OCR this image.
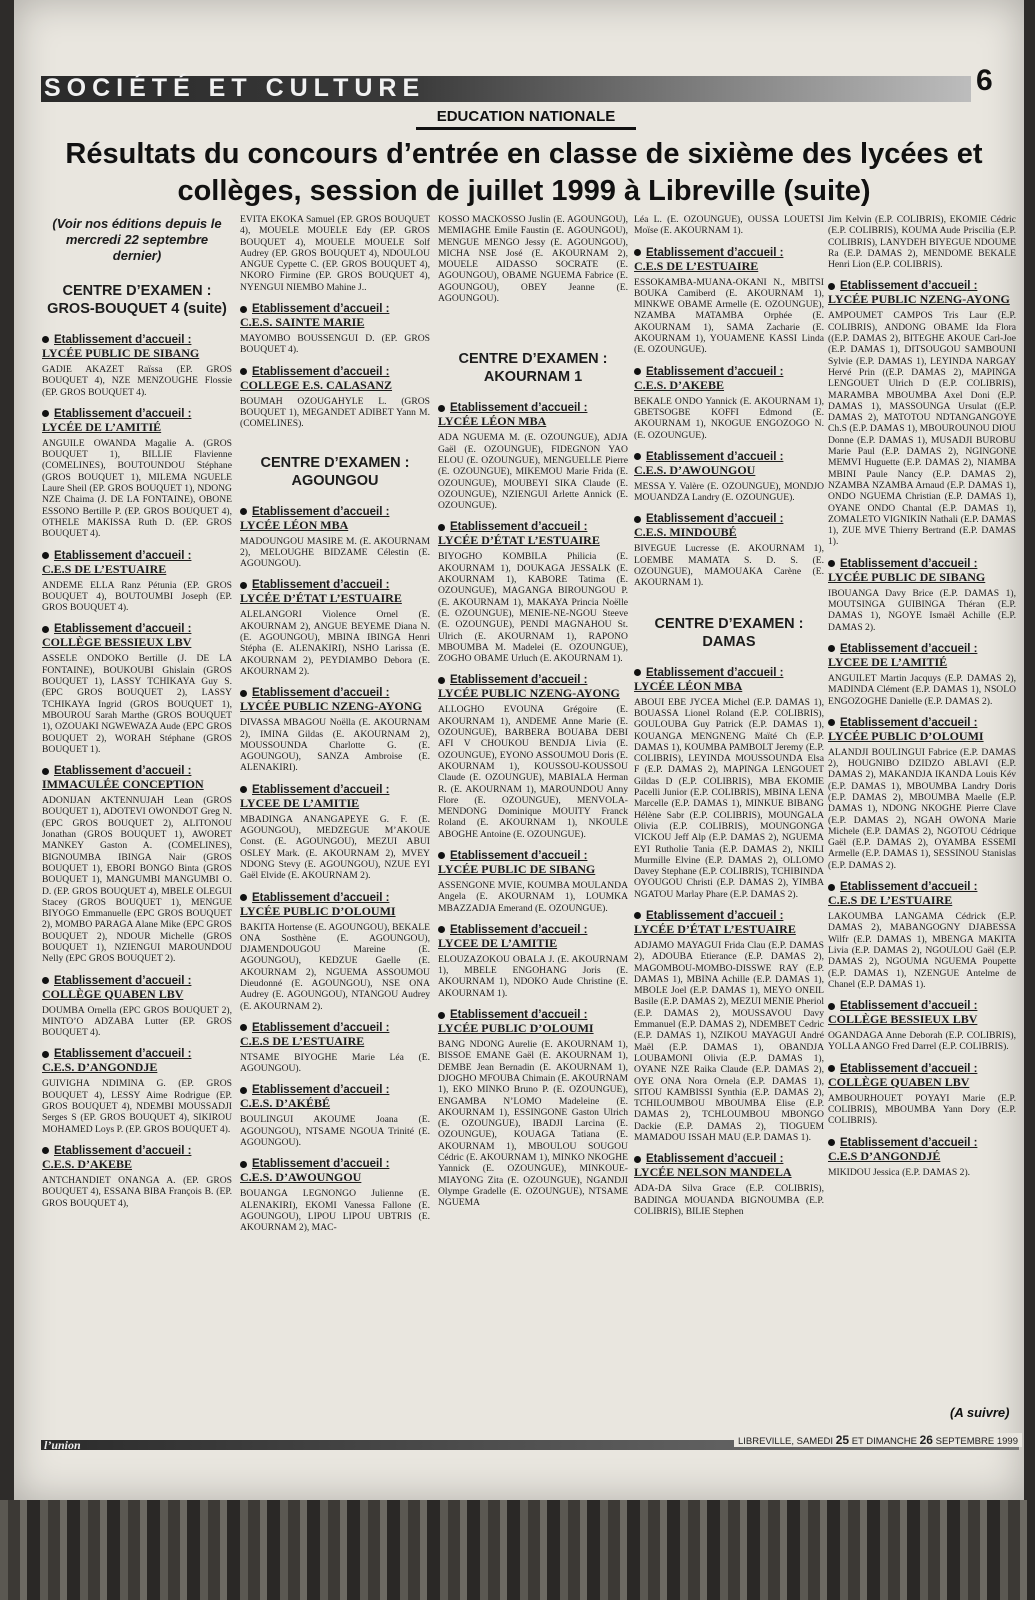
SOCIÉTÉ ET CULTURE	6
EDUCATION NATIONALE
Résultats du concours d’entrée en classe de sixième des lycées et collèges, session de juillet 1999 à Libreville (suite)
(Voir nos éditions depuis le mercredi 22 septembre dernier)
CENTRE D’EXAMEN : GROS-BOUQUET 4 (suite)
Etablissement d’accueil :
LYCÉE PUBLIC DE SIBANG
GADIE AKAZET Raïssa (EP. GROS BOUQUET 4), NZE MENZOUGHE Flossie (EP. GROS BOUQUET 4).
Etablissement d’accueil :
LYCÉE DE L’AMITIÉ
ANGUILE OWANDA Magalie A. (GROS BOUQUET 1), BILLIE Flavienne (COMELINES), BOUTOUNDOU Stéphane (GROS BOUQUET 1), MILEMA NGUELE Laure Sheil (EP. GROS BOUQUET 1), NDONG NZE Chaima (J. DE LA FONTAINE), OBONE ESSONO Bertille P. (EP. GROS BOUQUET 4), OTHELE MAKISSA Ruth D. (EP. GROS BOUQUET 4).
Etablissement d’accueil :
C.E.S DE L’ESTUAIRE
ANDEME ELLA Ranz Pétunia (EP. GROS BOUQUET 4), BOUTOUMBI Joseph (EP. GROS BOUQUET 4).
Etablissement d’accueil :
COLLÈGE BESSIEUX LBV
ASSELE ONDOKO Bertille (J. DE LA FONTAINE), BOUKOUBI Ghislain (GROS BOUQUET 1), LASSY TCHIKAYA Guy S. (EPC GROS BOUQUET 2), LASSY TCHIKAYA Ingrid (GROS BOUQUET 1), MBOUROU Sarah Marthe (GROS BOUQUET 1), OZOUAKI NGWEWAZA Aude (EPC GROS BOUQUET 2), WORAH Stéphane (GROS BOUQUET 1).
Etablissement d’accueil :
IMMACULÉE CONCEPTION
ADONIJAN AKTENNUJAH Lean (GROS BOUQUET 1), ADOTEVI OWONDOT Greg N. (EPC GROS BOUQUET 2), ALITONOU Jonathan (GROS BOUQUET 1), AWORET MANKEY Gaston A. (COMELINES), BIGNOUMBA IBINGA Nair (GROS BOUQUET 1), EBORI BONGO Binta (GROS BOUQUET 1), MANGUMBI MANGUMBI O. D. (EP. GROS BOUQUET 4), MBELE OLEGUI Stacey (GROS BOUQUET 1), MENGUE BIYOGO Emmanuelle (EPC GROS BOUQUET 2), MOMBO PARAGA Alane Mike (EPC GROS BOUQUET 2), NDOUR Michelle (GROS BOUQUET 1), NZIENGUI MAROUNDOU Nelly (EPC GROS BOUQUET 2).
Etablissement d’accueil :
COLLÈGE QUABEN LBV
DOUMBA Ornella (EPC GROS BOUQUET 2), MINTO’O ADZABA Lutter (EP. GROS BOUQUET 4).
Etablissement d’accueil :
C.E.S. D’ANGONDJE
GUIVIGHA NDIMINA G. (EP. GROS BOUQUET 4), LESSY Aime Rodrigue (EP. GROS BOUQUET 4), NDEMBI MOUSSADJI Serges S (EP. GROS BOUQUET 4), SIKIROU MOHAMED Loys P. (EP. GROS BOUQUET 4).
Etablissement d’accueil :
C.E.S. D’AKEBE
ANTCHANDIET ONANGA A. (EP. GROS BOUQUET 4), ESSANA BIBA François B. (EP. GROS BOUQUET 4),
EVITA EKOKA Samuel (EP. GROS BOUQUET 4), MOUELE MOUELE Edy (EP. GROS BOUQUET 4), MOUELE MOUELE Solf Audrey (EP. GROS BOUQUET 4), NDOULOU ANGUE Cypette C. (EP. GROS BOUQUET 4), NKORO Firmine (EP. GROS BOUQUET 4), NYENGUI NIEMBO Mahine J..
Etablissement d’accueil :
C.E.S. SAINTE MARIE
MAYOMBO BOUSSENGUI D. (EP. GROS BOUQUET 4).
Etablissement d’accueil :
COLLEGE E.S. CALASANZ
BOUMAH OZOUGAHYLE L. (GROS BOUQUET 1), MEGANDET ADIBET Yann M. (COMELINES).
CENTRE D’EXAMEN : AGOUNGOU
Etablissement d’accueil :
LYCÉE LÉON MBA
MADOUNGOU MASIRE M. (E. AKOURNAM 2), MELOUGHE BIDZAME Célestin (E. AGOUNGOU).
Etablissement d’accueil :
LYCÉE D’ÉTAT L’ESTUAIRE
ALELANGORI Violence Ornel (E. AKOURNAM 2), ANGUE BEYEME Diana N. (E. AGOUNGOU), MBINA IBINGA Henri Stépha (E. ALENAKIRI), NSHO Larissa (E. AKOURNAM 2), PEYDIAMBO Debora (E. AKOURNAM 2).
Etablissement d’accueil :
LYCÉE PUBLIC NZENG-AYONG
DIVASSA MBAGOU Noëlla (E. AKOURNAM 2), IMINA Gildas (E. AKOURNAM 2), MOUSSOUNDA Charlotte G. (E. AGOUNGOU), SANZA Ambroise (E. ALENAKIRI).
Etablissement d’accueil :
LYCEE DE L’AMITIE
MBADINGA ANANGAPEYE G. F. (E. AGOUNGOU), MEDZEGUE M’AKOUE Const. (E. AGOUNGOU), MEZUI ABUI OSLEY Mark. (E. AKOURNAM 2), MVEY NDONG Stevy (E. AGOUNGOU), NZUE EYI Gaël Elvide (E. AKOURNAM 2).
Etablissement d’accueil :
LYCÉE PUBLIC D’OLOUMI
BAKITA Hortense (E. AGOUNGOU), BEKALE ONA Sosthène (E. AGOUNGOU), DJAMENDOUGOU Mareine (E. AGOUNGOU), KEDZUE Gaelle (E. AKOURNAM 2), NGUEMA ASSOUMOU Dieudonné (E. AGOUNGOU), NSE ONA Audrey (E. AGOUNGOU), NTANGOU Audrey (E. AKOURNAM 2).
Etablissement d’accueil :
C.E.S DE L’ESTUAIRE
NTSAME BIYOGHE Marie Léa (E. AGOUNGOU).
Etablissement d’accueil :
C.E.S. D’AKÉBÉ
BOULINGUI AKOUME Joana (E. AGOUNGOU), NTSAME NGOUA Trinité (E. AGOUNGOU).
Etablissement d’accueil :
C.E.S. D’AWOUNGOU
BOUANGA LEGNONGO Julienne (E. ALENAKIRI), EKOMI Vanessa Fallone (E. AGOUNGOU), LIPOU LIPOU UBTRIS (E. AKOURNAM 2), MAC-
KOSSO MACKOSSO Juslin (E. AGOUNGOU), MEMIAGHE Emile Faustin (E. AGOUNGOU), MENGUE MENGO Jessy (E. AGOUNGOU), MICHA NSE José (E. AKOURNAM 2), MOUELE AIDASSO SOCRATE (E. AGOUNGOU), OBAME NGUEMA Fabrice (E. AGOUNGOU), OBEY Jeanne (E. AGOUNGOU).
CENTRE D’EXAMEN : AKOURNAM 1
Etablissement d’accueil :
LYCÉE LÉON MBA
ADA NGUEMA M. (E. OZOUNGUE), ADJA Gaël (E. OZOUNGUE), FIDEGNON YAO ELOU (E. OZOUNGUE), MENGUELLE Pierre (E. OZOUNGUE), MIKEMOU Marie Frida (E. OZOUNGUE), MOUBEYI SIKA Claude (E. OZOUNGUE), NZIENGUI Arlette Annick (E. OZOUNGUE).
Etablissement d’accueil :
LYCÉE D’ÉTAT L’ESTUAIRE
BIYOGHO KOMBILA Philicia (E. AKOURNAM 1), DOUKAGA JESSALK (E. AKOURNAM 1), KABORE Tatima (E. OZOUNGUE), MAGANGA BIROUNGOU P. (E. AKOURNAM 1), MAKAYA Princia Noëlle (E. OZOUNGUE), MENIE-NE-NGOU Steeve (E. OZOUNGUE), PENDI MAGNAHOU St. Ulrich (E. AKOURNAM 1), RAPONO MBOUMBA M. Madelei (E. OZOUNGUE), ZOGHO OBAME Urluch (E. AKOURNAM 1).
Etablissement d’accueil :
LYCÉE PUBLIC NZENG-AYONG
ALLOGHO EVOUNA Grégoire (E. AKOURNAM 1), ANDEME Anne Marie (E. OZOUNGUE), BARBERA BOUABA DEBI AFI V CHOUKOU BENDJA Livia (E. OZOUNGUE), EYONO ASSOUMOU Doris (E. AKOURNAM 1), KOUSSOU-KOUSSOU Claude (E. OZOUNGUE), MABIALA Herman R. (E. AKOURNAM 1), MAROUNDOU Anny Flore (E. OZOUNGUE), MENVOLA-MENDONG Dominique MOUITY Franck Roland (E. AKOURNAM 1), NKOULE ABOGHE Antoine (E. OZOUNGUE).
Etablissement d’accueil :
LYCÉE PUBLIC DE SIBANG
ASSENGONE MVIE, KOUMBA MOULANDA Angela (E. AKOURNAM 1), LOUMKA MBAZZADJA Emerand (E. OZOUNGUE).
Etablissement d’accueil :
LYCEE DE L’AMITIE
ELOUZAZOKOU OBALA J. (E. AKOURNAM 1), MBELE ENGOHANG Joris (E. AKOURNAM 1), NDOKO Aude Christine (E. AKOURNAM 1).
Etablissement d’accueil :
LYCÉE PUBLIC D’OLOUMI
BANG NDONG Aurelie (E. AKOURNAM 1), BISSOE EMANE Gaël (E. AKOURNAM 1), DEMBE Jean Bernadin (E. AKOURNAM 1), DJOGHO MFOUBA Chimain (E. AKOURNAM 1), EKO MINKO Bruno P. (E. OZOUNGUE), ENGAMBA N’LOMO Madeleine (E. AKOURNAM 1), ESSINGONE Gaston Ulrich (E. OZOUNGUE), IBADJI Larcina (E. OZOUNGUE), KOUAGA Tatiana (E. AKOURNAM 1), MBOULOU SOUGOU Cédric (E. AKOURNAM 1), MINKO NKOGHE Yannick (E. OZOUNGUE), MINKOUE-MIAYONG Zita (E. OZOUNGUE), NGANDJI Olympe Gradelle (E. OZOUNGUE), NTSAME NGUEMA
Léa L. (E. OZOUNGUE), OUSSA LOUETSI Moïse (E. AKOURNAM 1).
Etablissement d’accueil :
C.E.S DE L’ESTUAIRE
ESSOKAMBA-MUANA-OKANI N., MBITSI BOUKA Camiberd (E. AKOURNAM 1), MINKWE OBAME Armelle (E. OZOUNGUE), NZAMBA MATAMBA Orphée (E. AKOURNAM 1), SAMA Zacharie (E. AKOURNAM 1), YOUAMENE KASSI Linda (E. OZOUNGUE).
Etablissement d’accueil :
C.E.S. D’AKEBE
BEKALE ONDO Yannick (E. AKOURNAM 1), GBETSOGBE KOFFI Edmond (E. AKOURNAM 1), NKOGUE ENGOZOGO N. (E. OZOUNGUE).
Etablissement d’accueil :
C.E.S. D’AWOUNGOU
MESSA Y. Valère (E. OZOUNGUE), MONDJO MOUANDZA Landry (E. OZOUNGUE).
Etablissement d’accueil :
C.E.S. MINDOUBÉ
BIVEGUE Lucresse (E. AKOURNAM 1), LOEMBE MAMATA S. D. S. (E. OZOUNGUE), MAMOUAKA Carène (E. AKOURNAM 1).
CENTRE D’EXAMEN : DAMAS
Etablissement d’accueil :
LYCÉE LÉON MBA
ABOUI EBE JYCEA Michel (E.P. DAMAS 1), BOUASSA Lionel Roland (E.P. COLIBRIS), GOULOUBA Guy Patrick (E.P. DAMAS 1), KOUANGA MENGNENG Maïté Ch (E.P. DAMAS 1), KOUMBA PAMBOLT Jeremy (E.P. COLIBRIS), LEYINDA MOUSSOUNDA Elsa F (E.P. DAMAS 2), MAPINGA LENGOUET Gildas D (E.P. COLIBRIS), MBA EKOMIE Pacelli Junior (E.P. COLIBRIS), MBINA LENA Marcelle (E.P. DAMAS 1), MINKUE BIBANG Hélène Sabr (E.P. COLIBRIS), MOUNGALA Olivia (E.P. COLIBRIS), MOUNGONGA VICKOU Jeff Alp (E.P. DAMAS 2), NGUEMA EYI Rutholie Tania (E.P. DAMAS 2), NKILI Murmille Elvine (E.P. DAMAS 2), OLLOMO Davey Stephane (E.P. COLIBRIS), TCHIBINDA OYOUGOU Christi (E.P. DAMAS 2), YIMBA NGATOU Marlay Phare (E.P. DAMAS 2).
Etablissement d’accueil :
LYCÉE D’ÉTAT L’ESTUAIRE
ADJAMO MAYAGUI Frida Clau (E.P. DAMAS 2), ADOUBA Etierance (E.P. DAMAS 2), MAGOMBOU-MOMBO-DISSWE RAY (E.P. DAMAS 1), MBINA Achille (E.P. DAMAS 1), MBOLE Joel (E.P. DAMAS 1), MEYO ONEIL Basile (E.P. DAMAS 2), MEZUI MENIE Pheriol (E.P. DAMAS 2), MOUSSAVOU Davy Emmanuel (E.P. DAMAS 2), NDEMBET Cedric (E.P. DAMAS 1), NZIKOU MAYAGUI André Maël (E.P. DAMAS 1), OBANDJA LOUBAMONI Olivia (E.P. DAMAS 1), OYANE NZE Raika Claude (E.P. DAMAS 2), OYE ONA Nora Ornela (E.P. DAMAS 1), SITOU KAMBISSI Synthia (E.P. DAMAS 2), TCHILOUMBOU MBOUMBA Elise (E.P. DAMAS 2), TCHLOUMBOU MBONGO Dackie (E.P. DAMAS 2), TIOGUEM MAMADOU ISSAH MAU (E.P. DAMAS 1).
Etablissement d’accueil :
LYCÉE NELSON MANDELA
ADA-DA Silva Grace (E.P. COLIBRIS), BADINGA MOUANDA BIGNOUMBA (E.P. COLIBRIS), BILIE Stephen
Jim Kelvin (E.P. COLIBRIS), EKOMIE Cédric (E.P. COLIBRIS), KOUMA Aude Priscilia (E.P. COLIBRIS), LANYDEH BIYEGUE NDOUME Ra (E.P. DAMAS 2), MENDOME BEKALE Henri Lion (E.P. COLIBRIS).
Etablissement d’accueil :
LYCÉE PUBLIC NZENG-AYONG
AMPOUMET CAMPOS Tris Laur (E.P. COLIBRIS), ANDONG OBAME Ida Flora ((E.P. DAMAS 2), BITEGHE AKOUE Carl-Joe (E.P. DAMAS 1), DITSOUGOU SAMBOUNI Sylvie (E.P. DAMAS 1), LEYINDA NARGAY Hervé Prin ((E.P. DAMAS 2), MAPINGA LENGOUET Ulrich D (E.P. COLIBRIS), MARAMBA MBOUMBA Axel Doni (E.P. DAMAS 1), MASSOUNGA Ursulat ((E.P. DAMAS 2), MATOTOU NDTANGANGOYE Ch.S (E.P. DAMAS 1), MBOUROUNOU DIOU Donne (E.P. DAMAS 1), MUSADJI BUROBU Marie Paul (E.P. DAMAS 2), NGINGONE MEMVI Huguette (E.P. DAMAS 2), NIAMBA MBINI Paule Nancy (E.P. DAMAS 2), NZAMBA NZAMBA Arnaud (E.P. DAMAS 1), ONDO NGUEMA Christian (E.P. DAMAS 1), OYANE ONDO Chantal (E.P. DAMAS 1), ZOMALETO VIGNIKIN Nathali (E.P. DAMAS 1), ZUE MVE Thierry Bertrand (E.P. DAMAS 1).
Etablissement d’accueil :
LYCÉE PUBLIC DE SIBANG
IBOUANGA Davy Brice (E.P. DAMAS 1), MOUTSINGA GUIBINGA Théran (E.P. DAMAS 1), NGOYE Ismaël Achille (E.P. DAMAS 2).
Etablissement d’accueil :
LYCEE DE L’AMITIÉ
ANGUILET Martin Jacquys (E.P. DAMAS 2), MADINDA Clément (E.P. DAMAS 1), NSOLO ENGOZOGHE Danielle (E.P. DAMAS 2).
Etablissement d’accueil :
LYCÉE PUBLIC D’OLOUMI
ALANDJI BOULINGUI Fabrice (E.P. DAMAS 2), HOUGNIBO DZIDZO ABLAVI (E.P. DAMAS 2), MAKANDJA IKANDA Louis Kév (E.P. DAMAS 1), MBOUMBA Landry Doris (E.P. DAMAS 2), MBOUMBA Maelle (E.P. DAMAS 1), NDONG NKOGHE Pierre Clave (E.P. DAMAS 2), NGAH OWONA Marie Michele (E.P. DAMAS 2), NGOTOU Cédrique Gaël (E.P. DAMAS 2), OYAMBA ESSEMI Armelle (E.P. DAMAS 1), SESSINOU Stanislas (E.P. DAMAS 2).
Etablissement d’accueil :
C.E.S DE L’ESTUAIRE
LAKOUMBA LANGAMA Cédrick (E.P. DAMAS 2), MABANGOGNY DJABESSA Wilfr (E.P. DAMAS 1), MBENGA MAKITA Livia (E.P. DAMAS 2), NGOULOU Gaël (E.P. DAMAS 2), NGOUMA NGUEMA Poupette (E.P. DAMAS 1), NZENGUE Antelme de Chanel (E.P. DAMAS 1).
Etablissement d’accueil :
COLLÈGE BESSIEUX LBV
OGANDAGA Anne Deborah (E.P. COLIBRIS), YOLLA ANGO Fred Darrel (E.P. COLIBRIS).
Etablissement d’accueil :
COLLÈGE QUABEN LBV
AMBOURHOUET POYAYI Marie (E.P. COLIBRIS), MBOUMBA Yann Dory (E.P. COLIBRIS).
Etablissement d’accueil :
C.E.S D’ANGONDJÉ
MIKIDOU Jessica (E.P. DAMAS 2).
(A suivre)
l’union	LIBREVILLE, SAMEDI 25 ET DIMANCHE 26 SEPTEMBRE 1999
